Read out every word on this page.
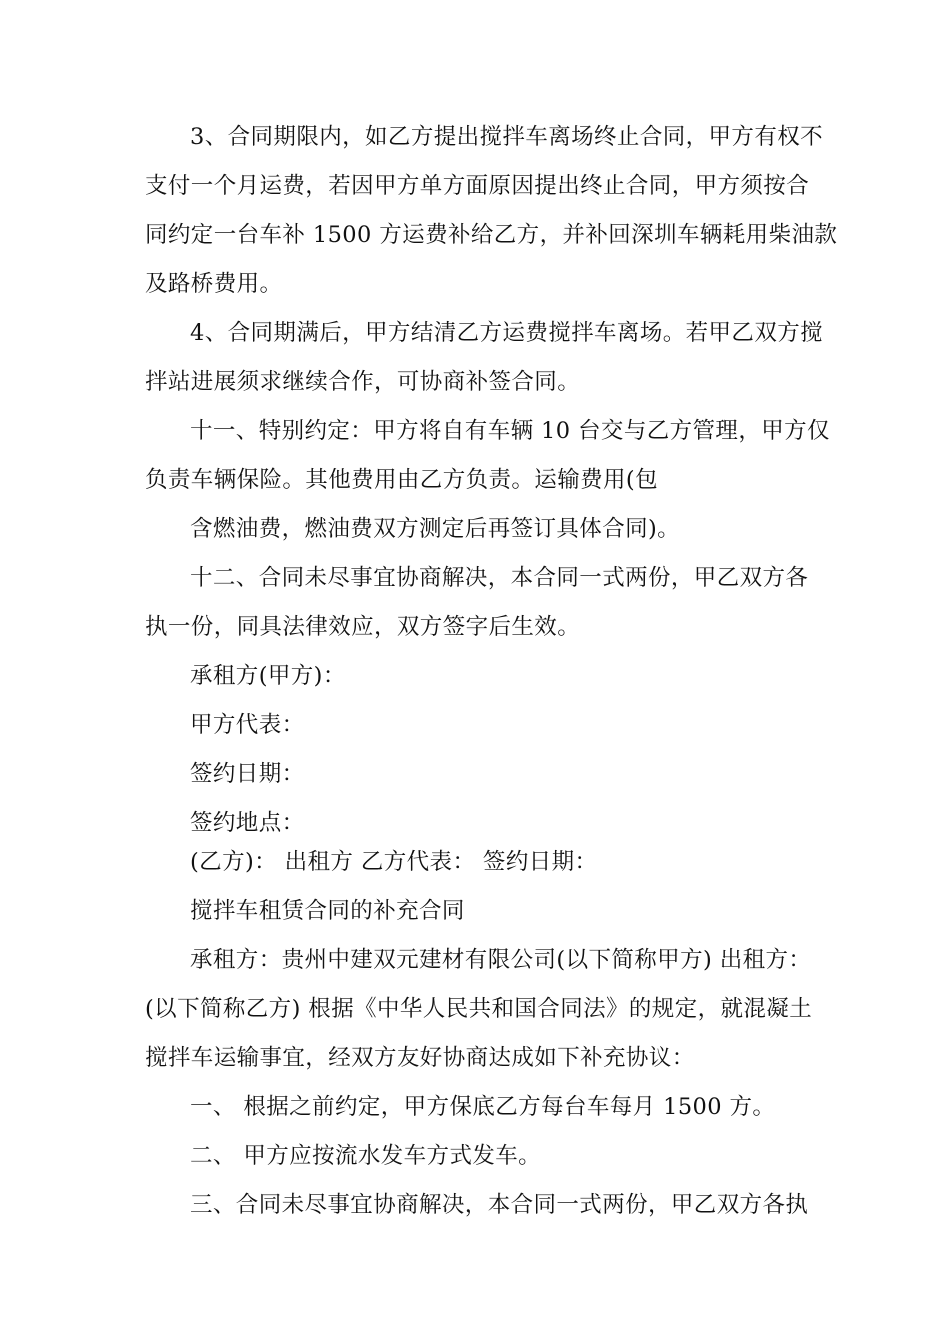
3、合同期限内，如乙方提出搅拌车离场终止合同，甲方有权不

支付一个月运费，若因甲方单方面原因提出终止合同，甲方须按合

同约定一台车补 1500 方运费补给乙方，并补回深圳车辆耗用柴油款

及路桥费用。

4、合同期满后，甲方结清乙方运费搅拌车离场。若甲乙双方搅

拌站进展须求继续合作，可协商补签合同。

十一、特别约定：甲方将自有车辆 10 台交与乙方管理，甲方仅

负责车辆保险。其他费用由乙方负责。运输费用(包

含燃油费，燃油费双方测定后再签订具体合同)。

十二、合同未尽事宜协商解决，本合同一式两份，甲乙双方各

执一份，同具法律效应，双方签字后生效。

承租方(甲方)：

甲方代表：

签约日期：

签约地点：

(乙方)： 出租方 乙方代表： 签约日期：

搅拌车租赁合同的补充合同

承租方：贵州中建双元建材有限公司(以下简称甲方) 出租方：

(以下简称乙方) 根据《中华人民共和国合同法》的规定，就混凝土

搅拌车运输事宜，经双方友好协商达成如下补充协议：

一、 根据之前约定，甲方保底乙方每台车每月 1500 方。

二、 甲方应按流水发车方式发车。

三、合同未尽事宜协商解决，本合同一式两份，甲乙双方各执
